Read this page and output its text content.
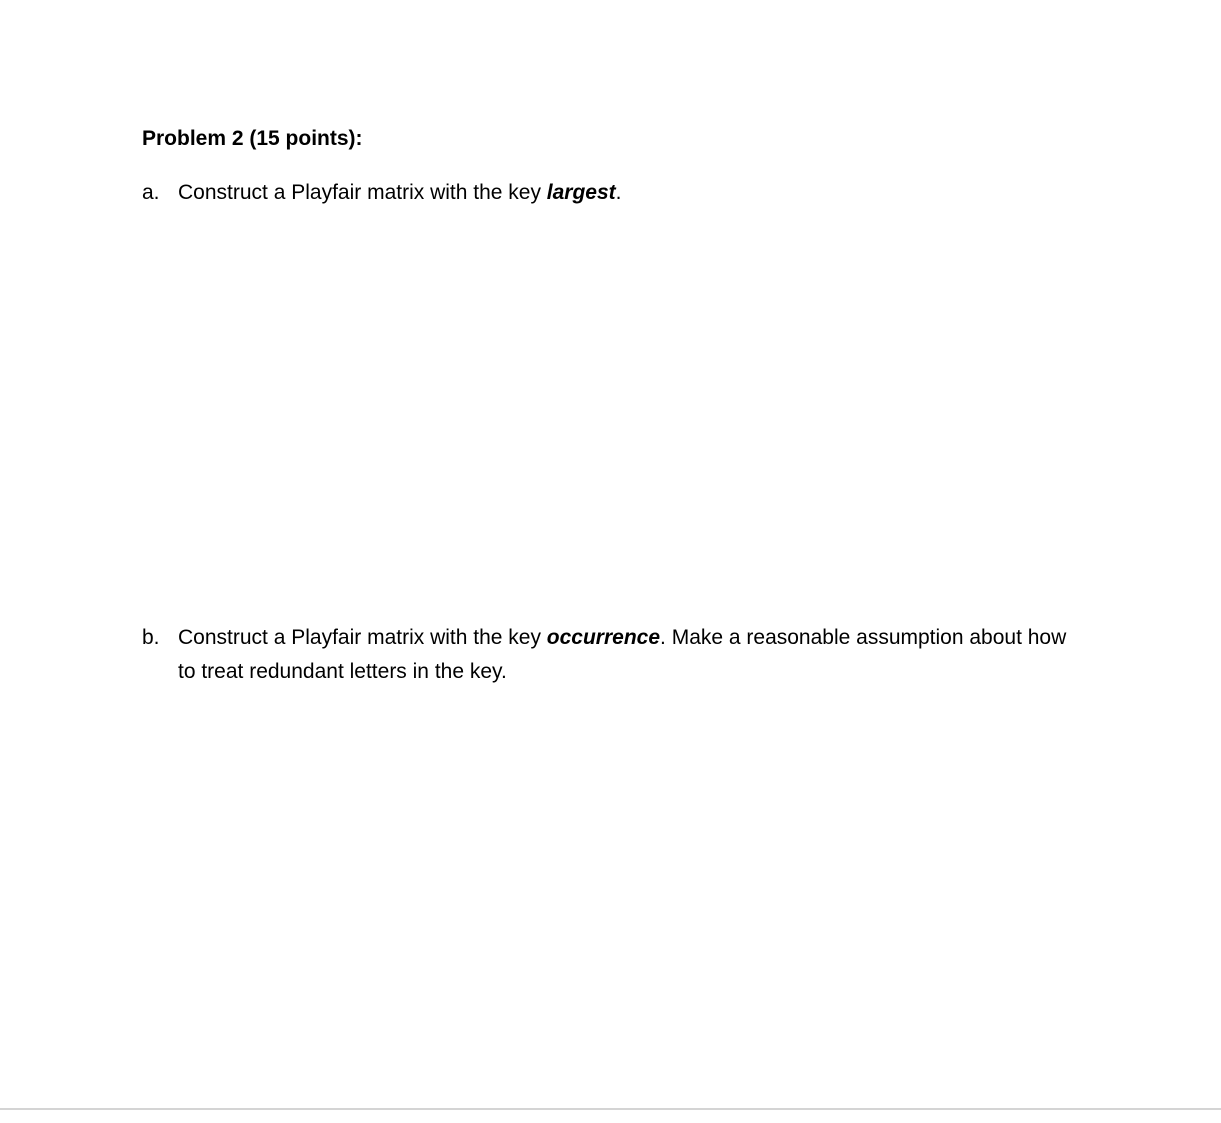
Problem 2 (15 points):
a. Construct a Playfair matrix with the key largest.
b. Construct a Playfair matrix with the key occurrence. Make a reasonable assumption about how to treat redundant letters in the key.
